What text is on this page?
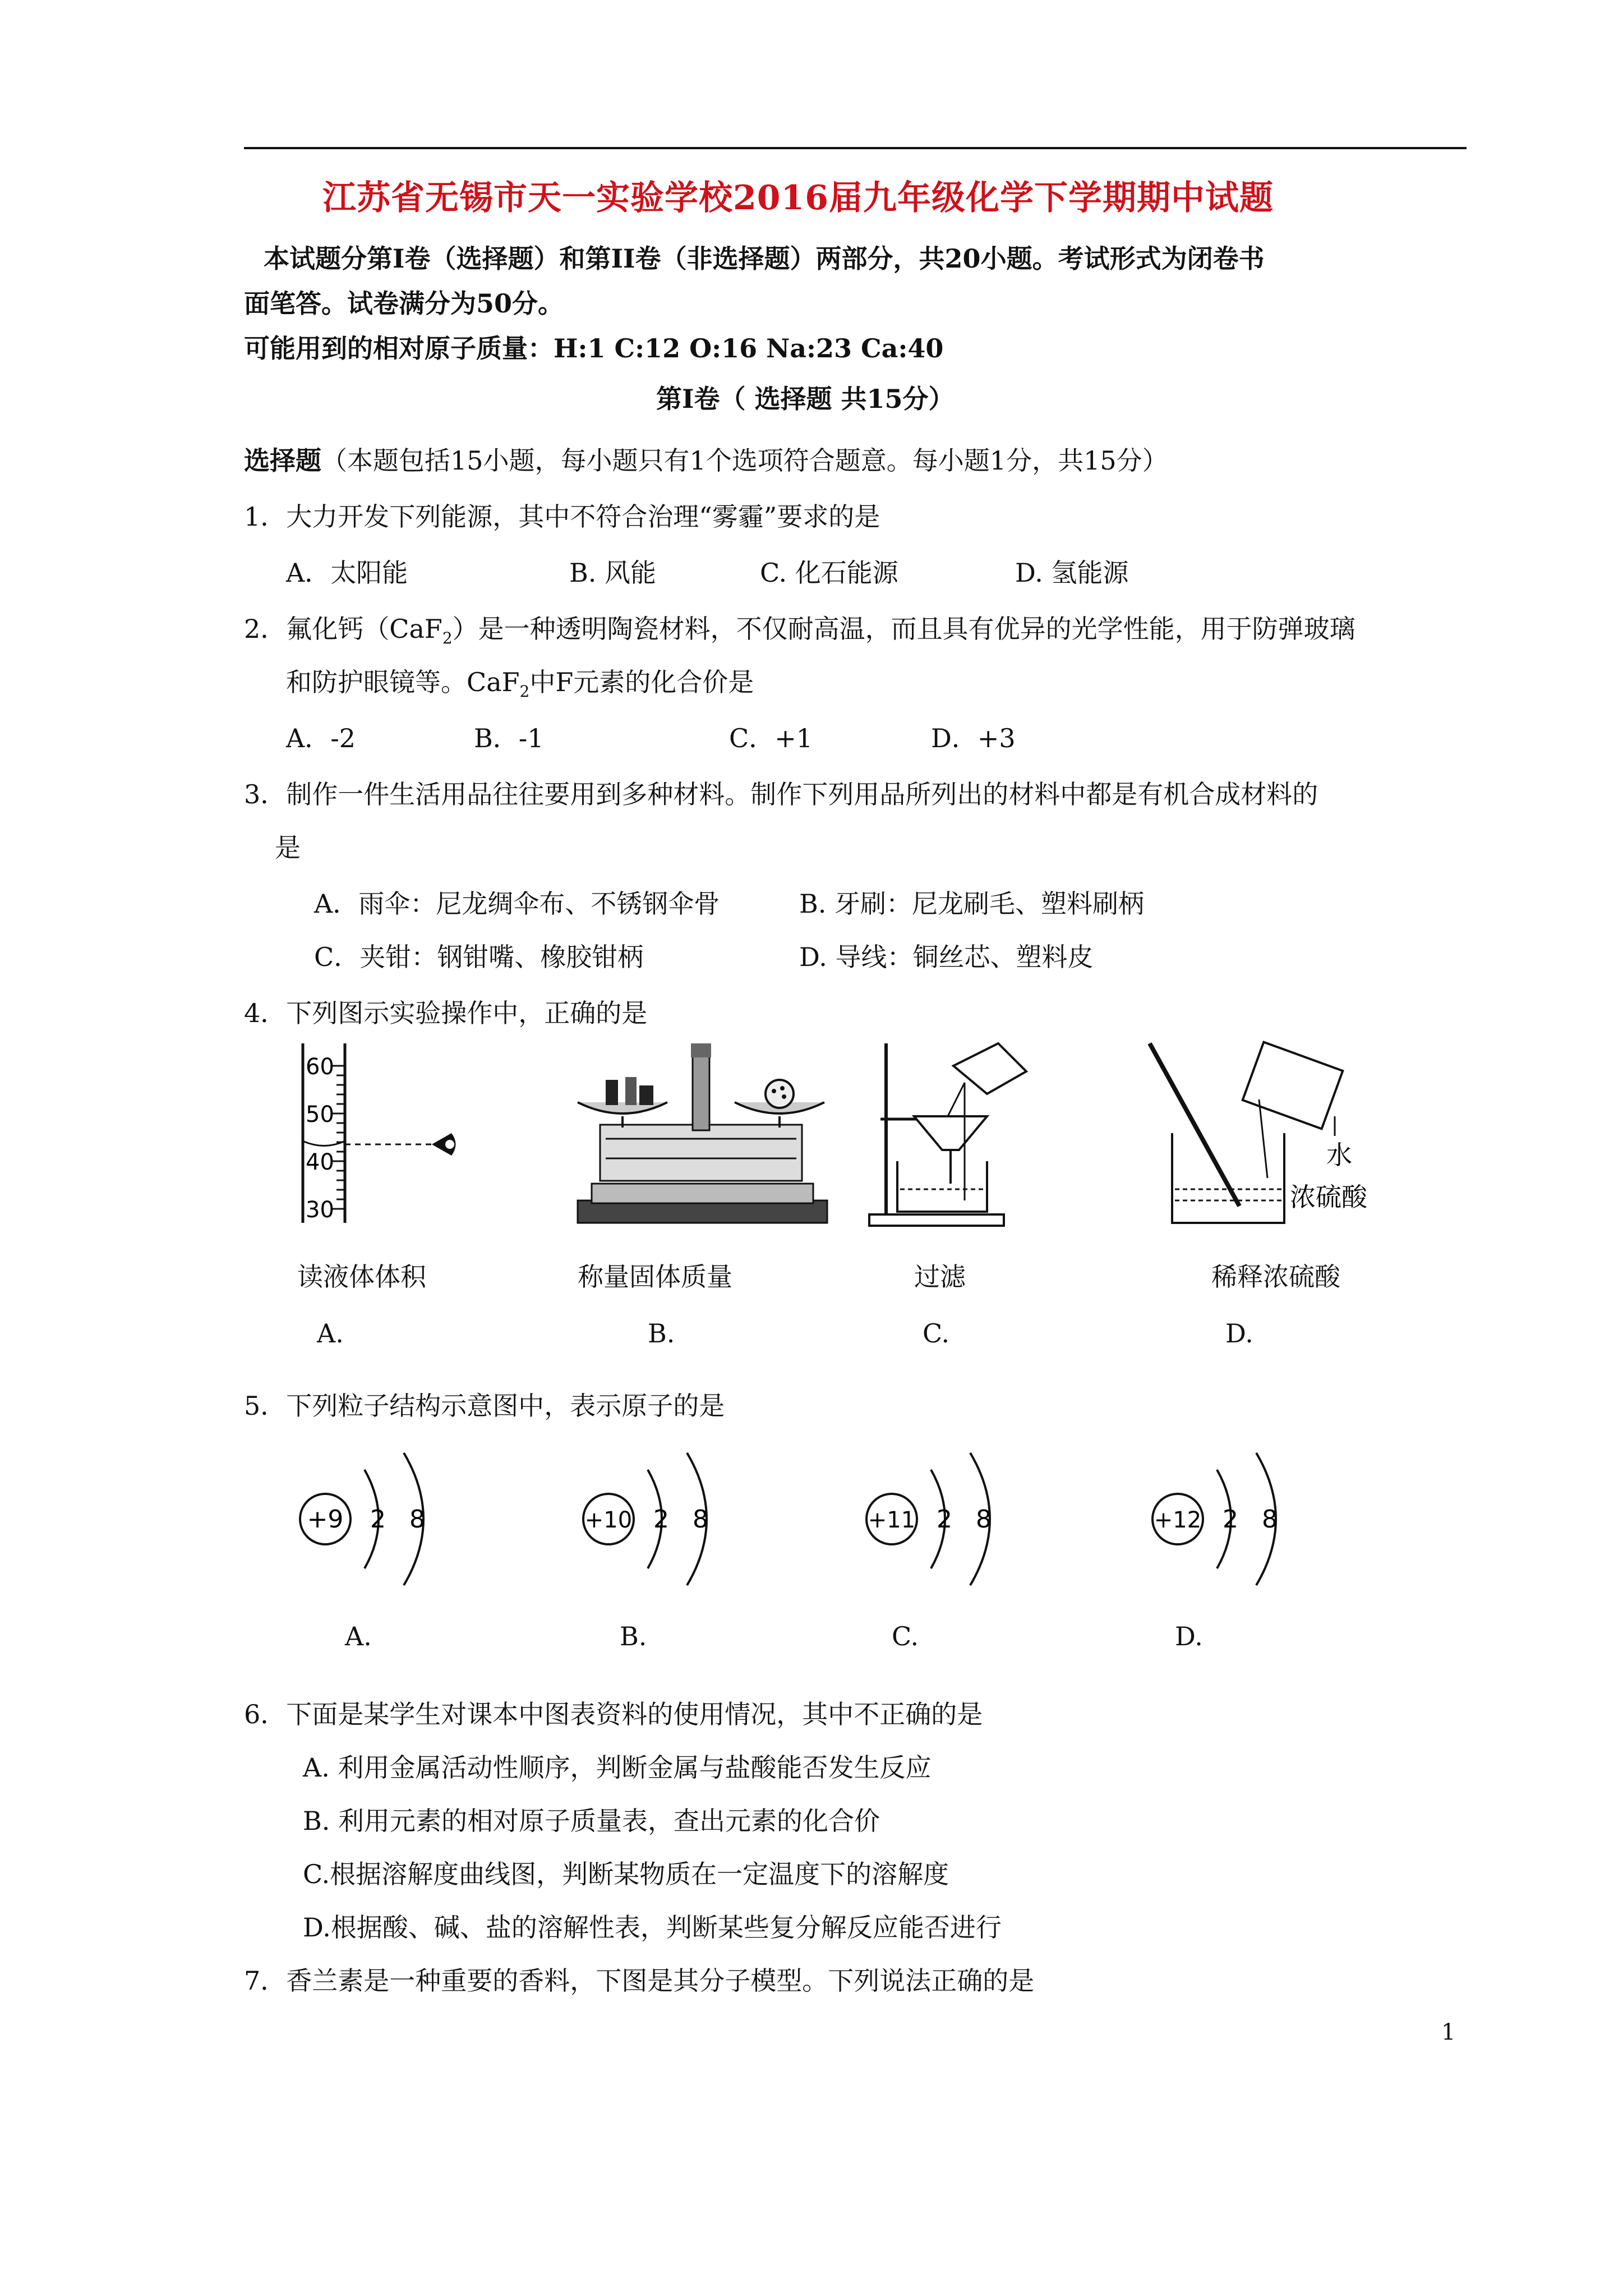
江苏省无锡市天一实验学校2016届九年级化学下学期期中试题
本试题分第Ⅰ卷（选择题）和第II卷（非选择题）两部分，共20小题。考试形式为闭卷书
面笔答。试卷满分为50分。
可能用到的相对原子质量：H:1 C:12 O:16 Na:23 Ca:40
第Ⅰ卷（ 选择题 共15分）
选择题（本题包括15小题，每小题只有1个选项符合题意。每小题1分，共15分）
1．大力开发下列能源，其中不符合治理“雾霾”要求的是
A．太阳能	B. 风能	C. 化石能源	D. 氢能源
2．氟化钙（CaF$_2$）是一种透明陶瓷材料，不仅耐高温，而且具有优异的光学性能，用于防弹玻璃
和防护眼镜等。CaF$_2$中F元素的化合价是
A．-2	B．-1	C．+1	D．+3
3．制作一件生活用品往往要用到多种材料。制作下列用品所列出的材料中都是有机合成材料的
是
A．雨伞：尼龙绸伞布、不锈钢伞骨	B. 牙刷：尼龙刷毛、塑料刷柄
C．夹钳：钢钳嘴、橡胶钳柄	D. 导线：铜丝芯、塑料皮
4．下列图示实验操作中，正确的是
60
50
40
30
水
浓硫酸
读液体体积	称量固体质量	过滤	稀释浓硫酸
A.	B.	C.	D.
5．下列粒子结构示意图中，表示原子的是
+9 2 8	+10 2 8	+11 2 8	+12 2 8
A.	B.	C.	D.
6．下面是某学生对课本中图表资料的使用情况，其中不正确的是
A. 利用金属活动性顺序，判断金属与盐酸能否发生反应
B. 利用元素的相对原子质量表，查出元素的化合价
C.根据溶解度曲线图，判断某物质在一定温度下的溶解度
D.根据酸、碱、盐的溶解性表，判断某些复分解反应能否进行
7．香兰素是一种重要的香料，下图是其分子模型。下列说法正确的是
1
